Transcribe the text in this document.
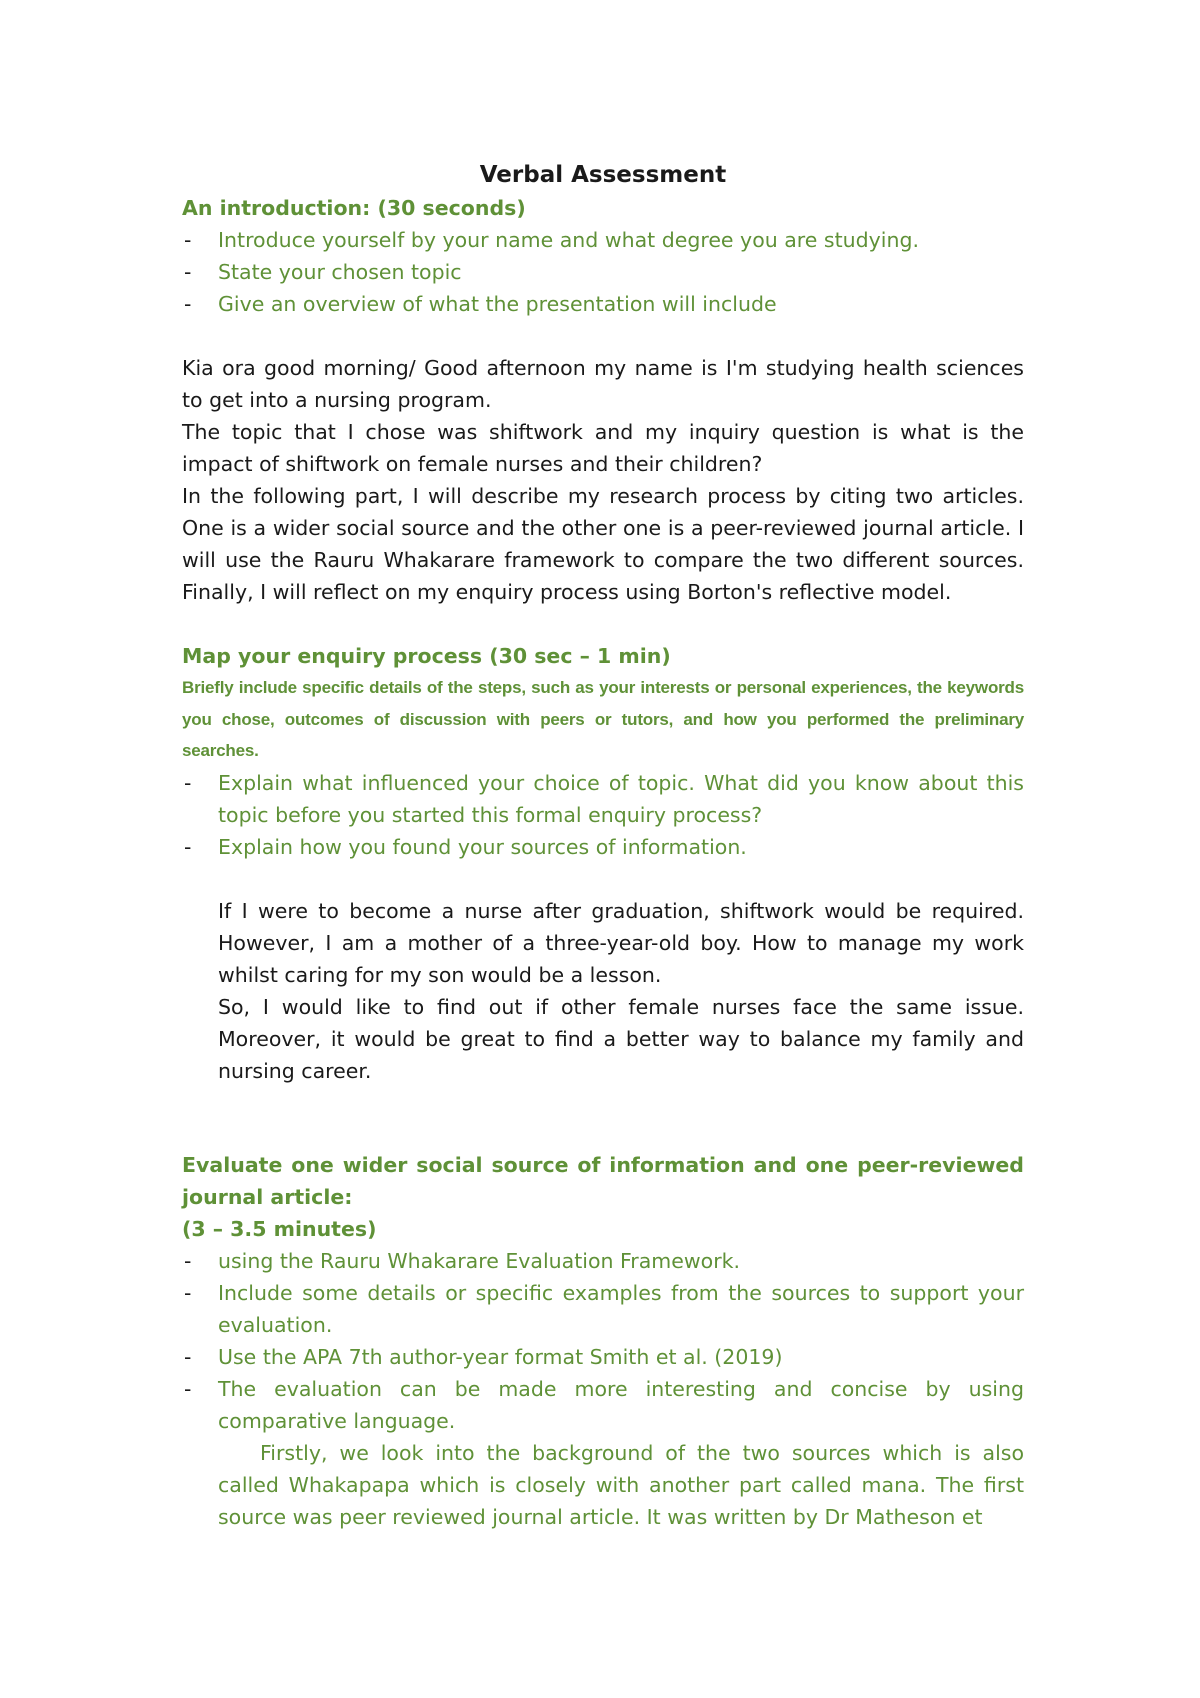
Verbal Assessment
An introduction: (30 seconds)
- Introduce yourself by your name and what degree you are studying.
- State your chosen topic
- Give an overview of what the presentation will include

Kia ora good morning/ Good afternoon my name is I'm studying health sciences to get into a nursing program.

The topic that I chose was shiftwork and my inquiry question is what is the impact of shiftwork on female nurses and their children?

In the following part, I will describe my research process by citing two articles. One is a wider social source and the other one is a peer-reviewed journal article. I will use the Rauru Whakarare framework to compare the two different sources. Finally, I will reflect on my enquiry process using Borton's reflective model.

Map your enquiry process (30 sec – 1 min)
Briefly include specific details of the steps, such as your interests or personal experiences, the keywords you chose, outcomes of discussion with peers or tutors, and how you performed the preliminary searches.
- Explain what influenced your choice of topic. What did you know about this topic before you started this formal enquiry process?
- Explain how you found your sources of information.

If I were to become a nurse after graduation, shiftwork would be required. However, I am a mother of a three-year-old boy. How to manage my work whilst caring for my son would be a lesson.

So, I would like to find out if other female nurses face the same issue. Moreover, it would be great to find a better way to balance my family and nursing career.

Evaluate one wider social source of information and one peer-reviewed journal article:
(3 – 3.5 minutes)
- using the Rauru Whakarare Evaluation Framework.
- Include some details or specific examples from the sources to support your evaluation.
- Use the APA 7th author-year format Smith et al. (2019)
- The evaluation can be made more interesting and concise by using comparative language.

Firstly, we look into the background of the two sources which is also called Whakapapa which is closely with another part called mana. The first source was peer reviewed journal article. It was written by Dr Matheson et
